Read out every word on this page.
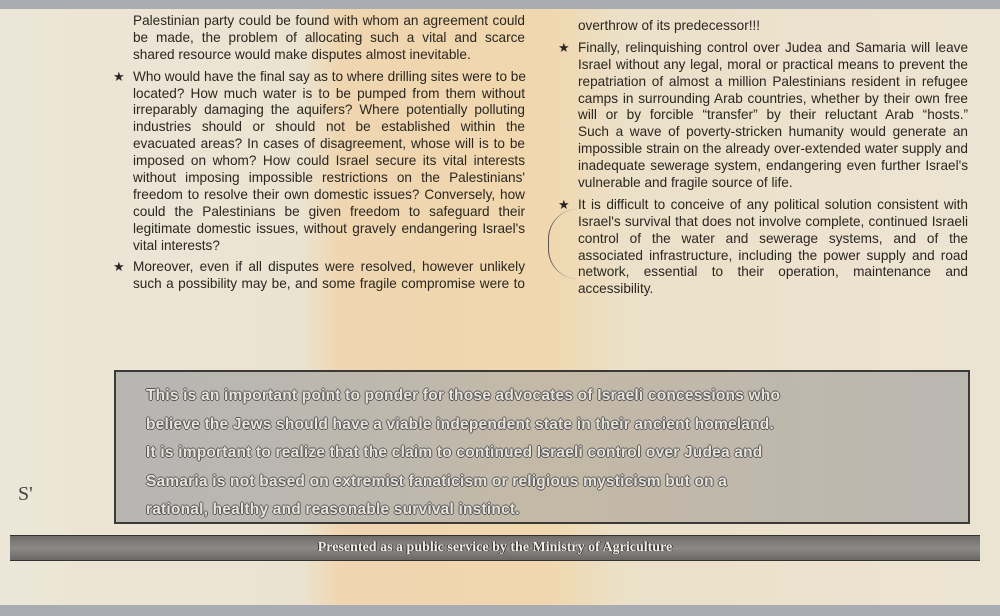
S'
Palestinian party could be found with whom an agreement could
be made, the problem of allocating such a vital and scarce
shared resource would make disputes almost inevitable.
★ Who would have the final say as to where drilling sites were to be
located? How much water is to be pumped from them without
irreparably damaging the aquifers? Where potentially polluting
industries should or should not be established within the
evacuated areas? In cases of disagreement, whose will is to be
imposed on whom? How could Israel secure its vital interests
without imposing impossible restrictions on the Palestinians'
freedom to resolve their own domestic issues? Conversely, how
could the Palestinians be given freedom to safeguard their
legitimate domestic issues, without gravely endangering Israel's
vital interests?
★ Moreover, even if all disputes were resolved, however unlikely
such a possibility may be, and some fragile compromise were to
overthrow of its predecessor!!!
★ Finally, relinquishing control over Judea and Samaria will leave
Israel without any legal, moral or practical means to prevent the
repatriation of almost a million Palestinians resident in refugee
camps in surrounding Arab countries, whether by their own free
will or by forcible “transfer” by their reluctant Arab “hosts.”
Such a wave of poverty-stricken humanity would generate an
impossible strain on the already over-extended water supply and
inadequate sewerage system, endangering even further Israel's
vulnerable and fragile source of life.
★ It is difficult to conceive of any political solution consistent with
Israel's survival that does not involve complete, continued Israeli
control of the water and sewerage systems, and of the
associated infrastructure, including the power supply and road
network, essential to their operation, maintenance and
accessibility.
This is an important point to ponder for those advocates of Israeli concessions who
believe the Jews should have a viable independent state in their ancient homeland.
It is important to realize that the claim to continued Israeli control over Judea and
Samaria is not based on extremist fanaticism or religious mysticism but on a
rational, healthy and reasonable survival instinct.
Presented as a public service by the Ministry of Agriculture
